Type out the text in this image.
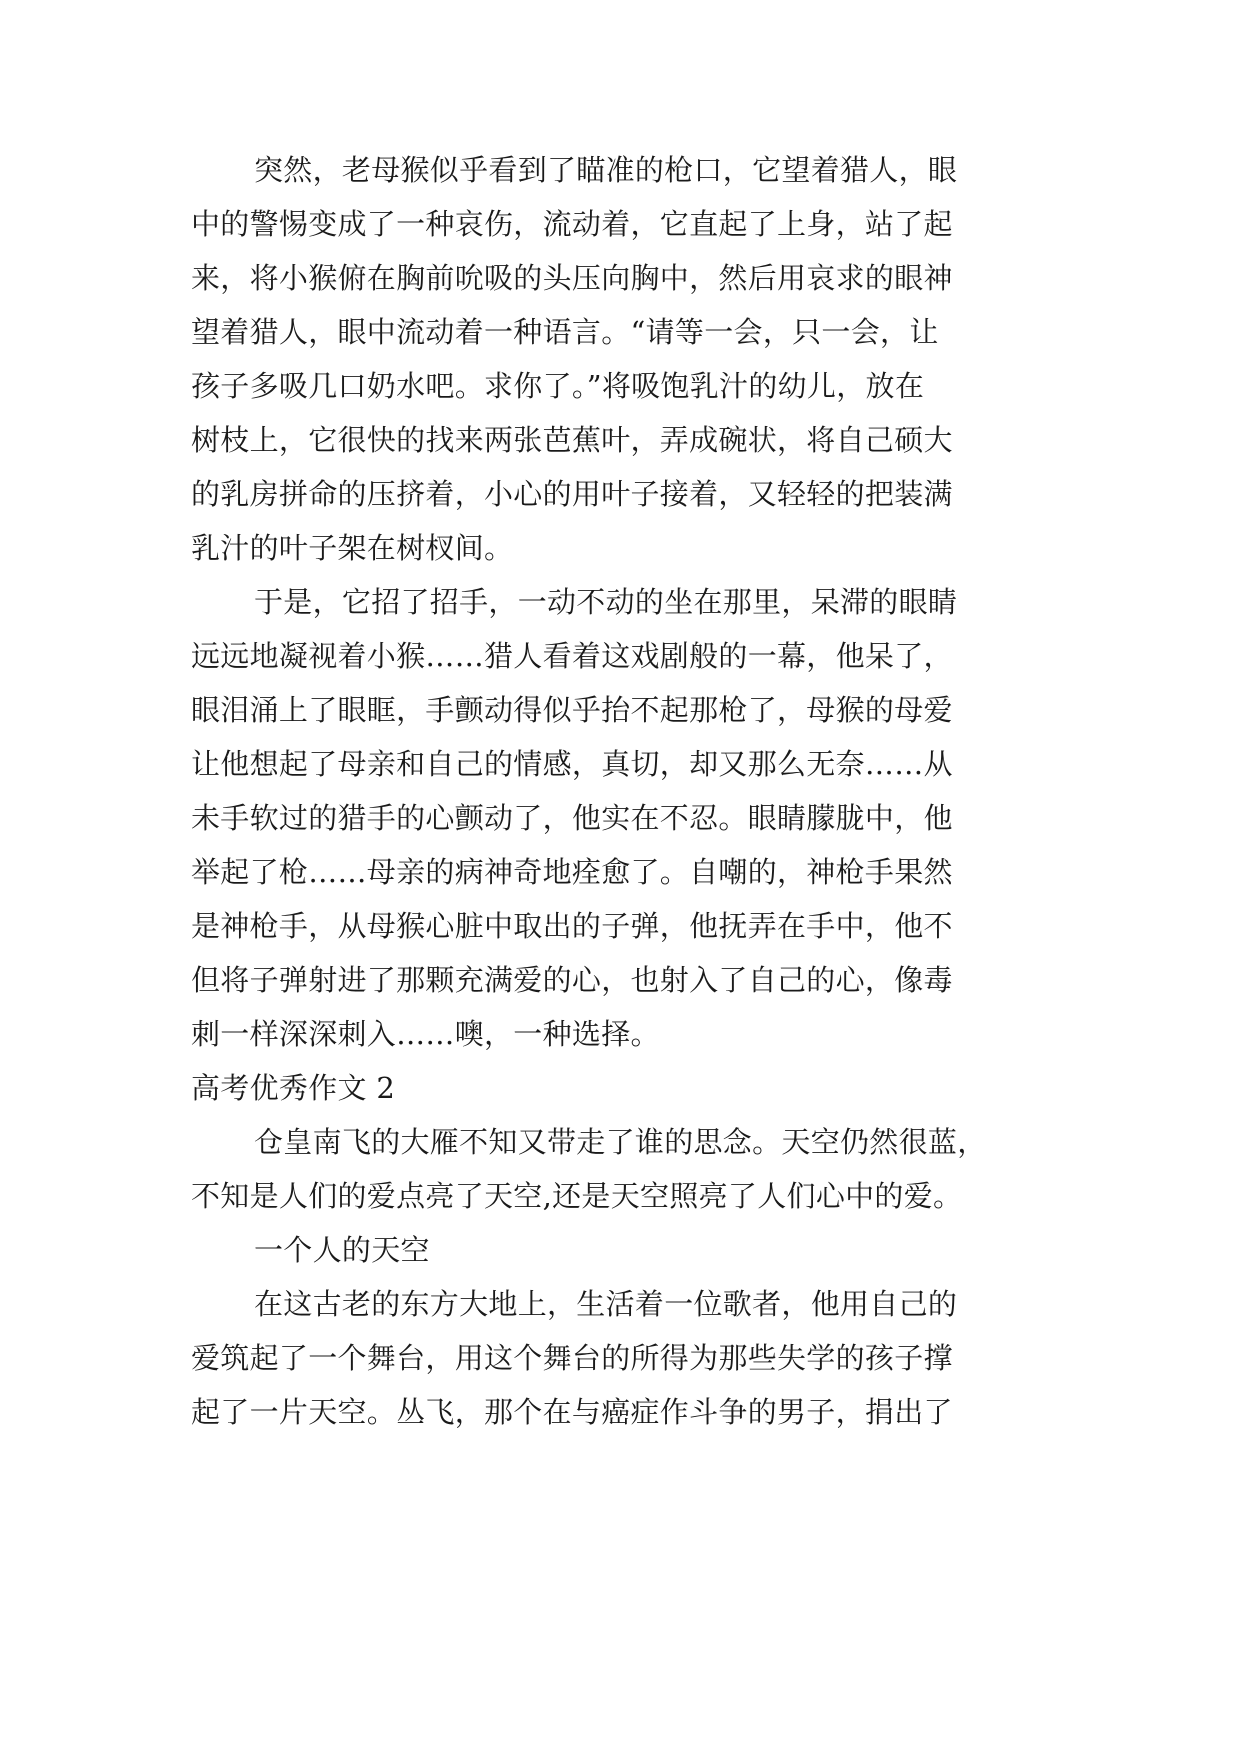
突然，老母猴似乎看到了瞄准的枪口，它望着猎人，眼
中的警惕变成了一种哀伤，流动着，它直起了上身，站了起
来，将小猴俯在胸前吮吸的头压向胸中，然后用哀求的眼神
望着猎人，眼中流动着一种语言。“请等一会，只一会，让
孩子多吸几口奶水吧。求你了。”将吸饱乳汁的幼儿，放在
树枝上，它很快的找来两张芭蕉叶，弄成碗状，将自己硕大
的乳房拼命的压挤着，小心的用叶子接着，又轻轻的把装满
乳汁的叶子架在树杈间。
于是，它招了招手，一动不动的坐在那里，呆滞的眼睛
远远地凝视着小猴……猎人看着这戏剧般的一幕，他呆了，
眼泪涌上了眼眶，手颤动得似乎抬不起那枪了，母猴的母爱
让他想起了母亲和自己的情感，真切，却又那么无奈……从
未手软过的猎手的心颤动了，他实在不忍。眼睛朦胧中，他
举起了枪……母亲的病神奇地痊愈了。自嘲的，神枪手果然
是神枪手，从母猴心脏中取出的子弹，他抚弄在手中，他不
但将子弹射进了那颗充满爱的心，也射入了自己的心，像毒
刺一样深深刺入……噢，一种选择。
高考优秀作文 2
仓皇南飞的大雁不知又带走了谁的思念。天空仍然很蓝，
不知是人们的爱点亮了天空,还是天空照亮了人们心中的爱。
一个人的天空
在这古老的东方大地上，生活着一位歌者，他用自己的
爱筑起了一个舞台，用这个舞台的所得为那些失学的孩子撑
起了一片天空。丛飞，那个在与癌症作斗争的男子，捐出了
